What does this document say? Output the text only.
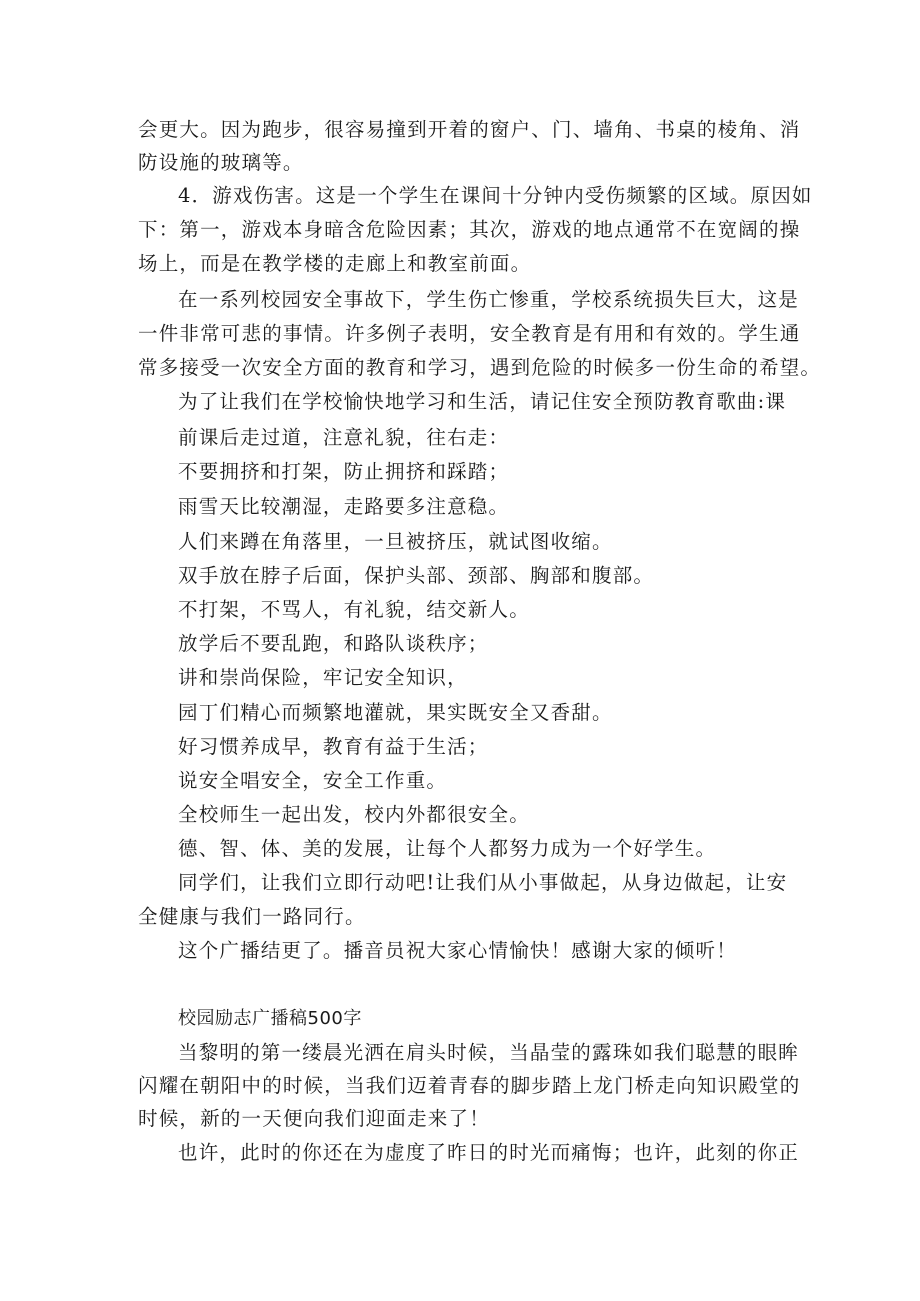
会更大。因为跑步，很容易撞到开着的窗户、门、墙角、书桌的棱角、消
防设施的玻璃等。
4．游戏伤害。这是一个学生在课间十分钟内受伤频繁的区域。原因如
下：第一，游戏本身暗含危险因素；其次，游戏的地点通常不在宽阔的操
场上，而是在教学楼的走廊上和教室前面。
在一系列校园安全事故下，学生伤亡惨重，学校系统损失巨大，这是
一件非常可悲的事情。许多例子表明，安全教育是有用和有效的。学生通
常多接受一次安全方面的教育和学习，遇到危险的时候多一份生命的希望。
为了让我们在学校愉快地学习和生活，请记住安全预防教育歌曲:课
前课后走过道，注意礼貌，往右走：
不要拥挤和打架，防止拥挤和踩踏；
雨雪天比较潮湿，走路要多注意稳。
人们来蹲在角落里，一旦被挤压，就试图收缩。
双手放在脖子后面，保护头部、颈部、胸部和腹部。
不打架，不骂人，有礼貌，结交新人。
放学后不要乱跑，和路队谈秩序；
讲和崇尚保险，牢记安全知识，
园丁们精心而频繁地灌就，果实既安全又香甜。
好习惯养成早，教育有益于生活；
说安全唱安全，安全工作重。
全校师生一起出发，校内外都很安全。
德、智、体、美的发展，让每个人都努力成为一个好学生。
同学们，让我们立即行动吧!让我们从小事做起，从身边做起，让安
全健康与我们一路同行。
这个广播结更了。播音员祝大家心情愉快！感谢大家的倾听！
校园励志广播稿500字
当黎明的第一缕晨光洒在肩头时候，当晶莹的露珠如我们聪慧的眼眸
闪耀在朝阳中的时候，当我们迈着青春的脚步踏上龙门桥走向知识殿堂的
时候，新的一天便向我们迎面走来了！
也许，此时的你还在为虚度了昨日的时光而痛悔；也许，此刻的你正
